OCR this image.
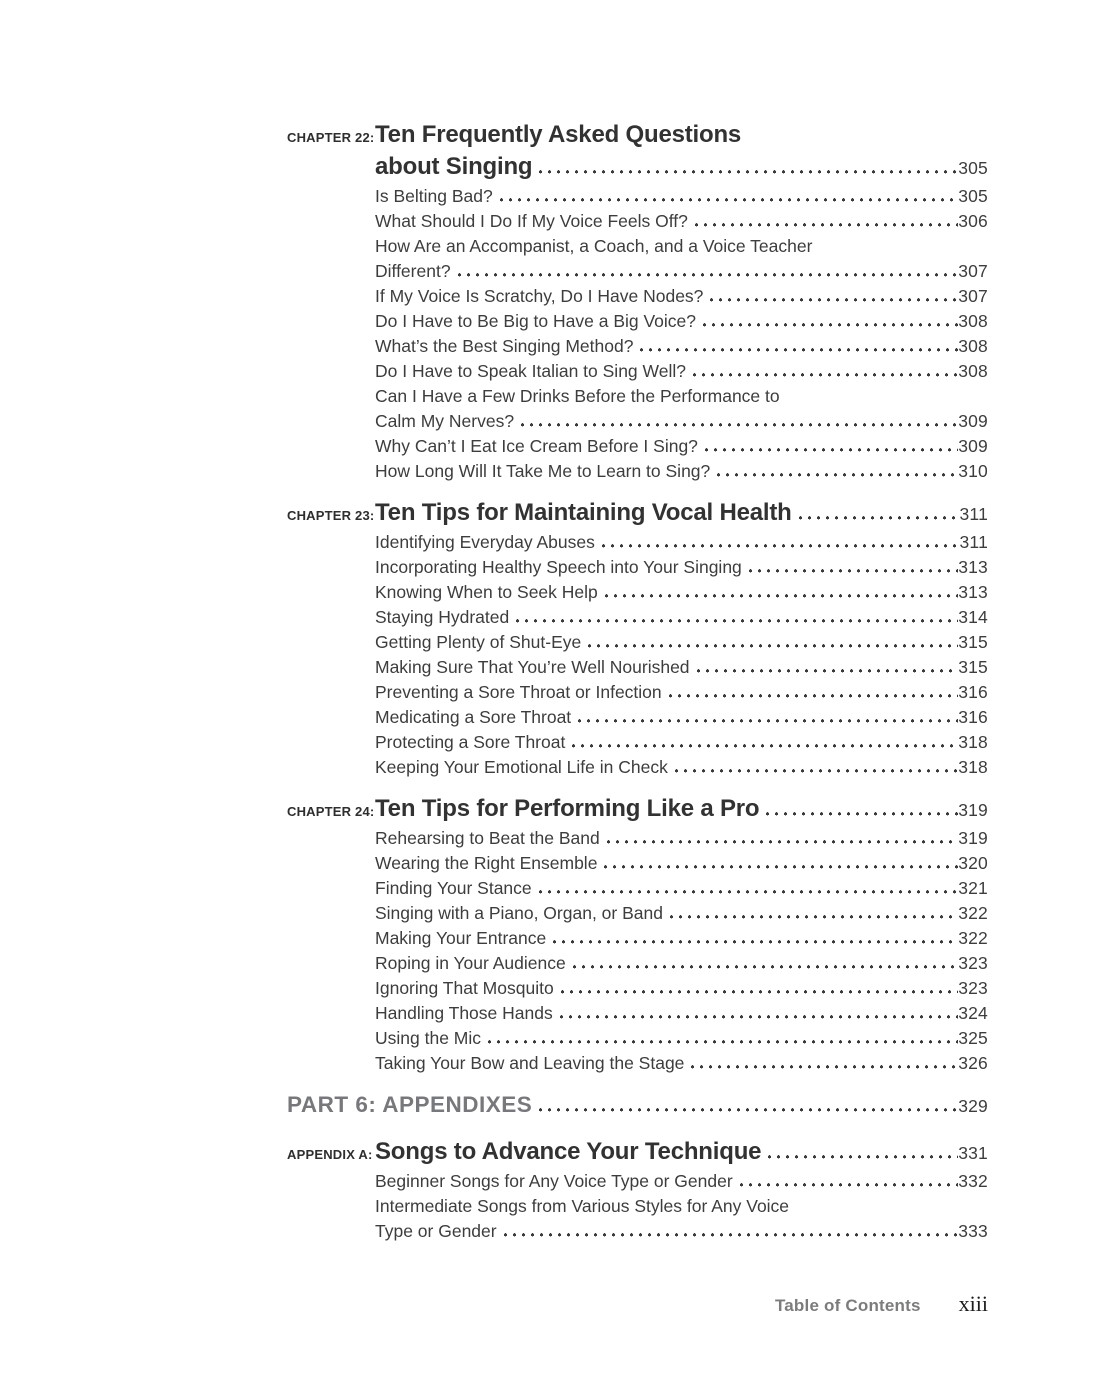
CHAPTER 22: Ten Frequently Asked Questions
about Singing	305
Is Belting Bad?	305
What Should I Do If My Voice Feels Off?	306
How Are an Accompanist, a Coach, and a Voice Teacher
Different?	307
If My Voice Is Scratchy, Do I Have Nodes?	307
Do I Have to Be Big to Have a Big Voice?	308
What’s the Best Singing Method?	308
Do I Have to Speak Italian to Sing Well?	308
Can I Have a Few Drinks Before the Performance to
Calm My Nerves?	309
Why Can’t I Eat Ice Cream Before I Sing?	309
How Long Will It Take Me to Learn to Sing?	310
CHAPTER 23: Ten Tips for Maintaining Vocal Health	311
Identifying Everyday Abuses	311
Incorporating Healthy Speech into Your Singing	313
Knowing When to Seek Help	313
Staying Hydrated	314
Getting Plenty of Shut-Eye	315
Making Sure That You’re Well Nourished	315
Preventing a Sore Throat or Infection	316
Medicating a Sore Throat	316
Protecting a Sore Throat	318
Keeping Your Emotional Life in Check	318
CHAPTER 24: Ten Tips for Performing Like a Pro	319
Rehearsing to Beat the Band	319
Wearing the Right Ensemble	320
Finding Your Stance	321
Singing with a Piano, Organ, or Band	322
Making Your Entrance	322
Roping in Your Audience	323
Ignoring That Mosquito	323
Handling Those Hands	324
Using the Mic	325
Taking Your Bow and Leaving the Stage	326
PART 6: APPENDIXES	329
APPENDIX A: Songs to Advance Your Technique	331
Beginner Songs for Any Voice Type or Gender	332
Intermediate Songs from Various Styles for Any Voice
Type or Gender	333
Table of Contents xiii
